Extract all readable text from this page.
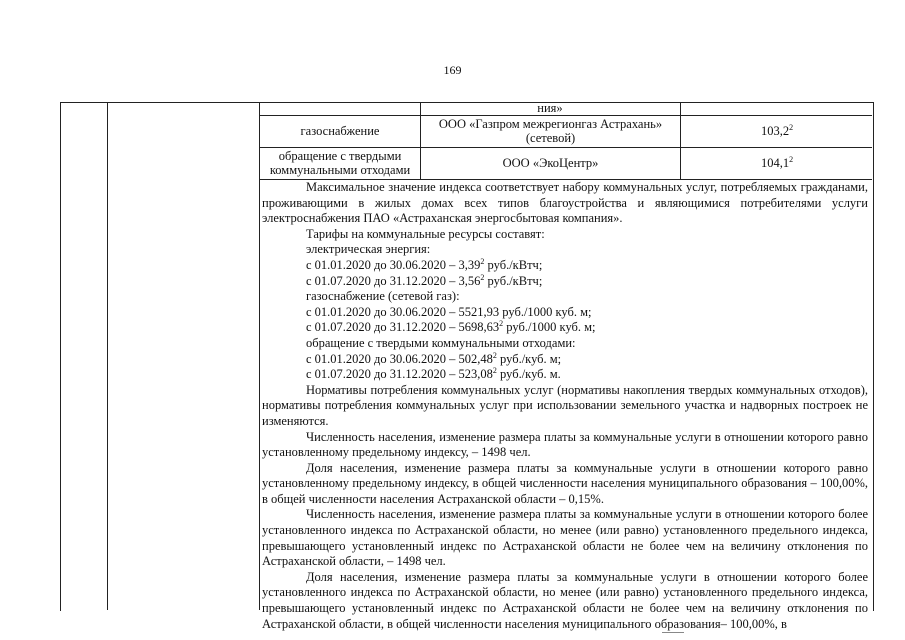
169
ния»
газоснабжение	ООО «Газпром межрегионгаз Астрахань» (сетевой)	103,2$^2$
обращение с твердыми коммунальными отходами	ООО «ЭкоЦентр»	104,1$^2$

Максимальное значение индекса соответствует набору коммунальных услуг, потребляемых гражданами, проживающими в жилых домах всех типов благоустройства и являющимися потребителями услуги электроснабжения ПАО «Астраханская энергосбытовая компания».

Тарифы на коммунальные ресурсы составят:

электрическая энергия:

с 01.01.2020 до 30.06.2020 – 3,39$^2$ руб./кВтч;

с 01.07.2020 до 31.12.2020 – 3,56$^2$ руб./кВтч;

газоснабжение (сетевой газ):

с 01.01.2020 до 30.06.2020 – 5521,93 руб./1000 куб. м;

с 01.07.2020 до 31.12.2020 – 5698,63$^2$ руб./1000 куб. м;

обращение с твердыми коммунальными отходами:

с 01.01.2020 до 30.06.2020 – 502,48$^2$ руб./куб. м;

с 01.07.2020 до 31.12.2020 – 523,08$^2$ руб./куб. м.

Нормативы потребления коммунальных услуг (нормативы накопления твердых коммунальных отходов), нормативы потребления коммунальных услуг при использовании земельного участка и надворных построек не изменяются.

Численность населения, изменение размера платы за коммунальные услуги в отношении которого равно установленному предельному индексу, – 1498 чел.

Доля населения, изменение размера платы за коммунальные услуги в отношении которого равно установленному предельному индексу, в общей численности населения муниципального образования – 100,00%, в общей численности населения Астраханской области – 0,15%.

Численность населения, изменение размера платы за коммунальные услуги в отношении которого более установленного индекса по Астраханской области, но менее (или равно) установленного предельного индекса, превышающего установленный индекс по Астраханской области не более чем на величину отклонения по Астраханской области, – 1498 чел.

Доля населения, изменение размера платы за коммунальные услуги в отношении которого более установленного индекса по Астраханской области, но менее (или равно) установленного предельного индекса, превышающего установленный индекс по Астраханской области не более чем на величину отклонения по Астраханской области, в общей численности населения муниципального образования– 100,00%, в
